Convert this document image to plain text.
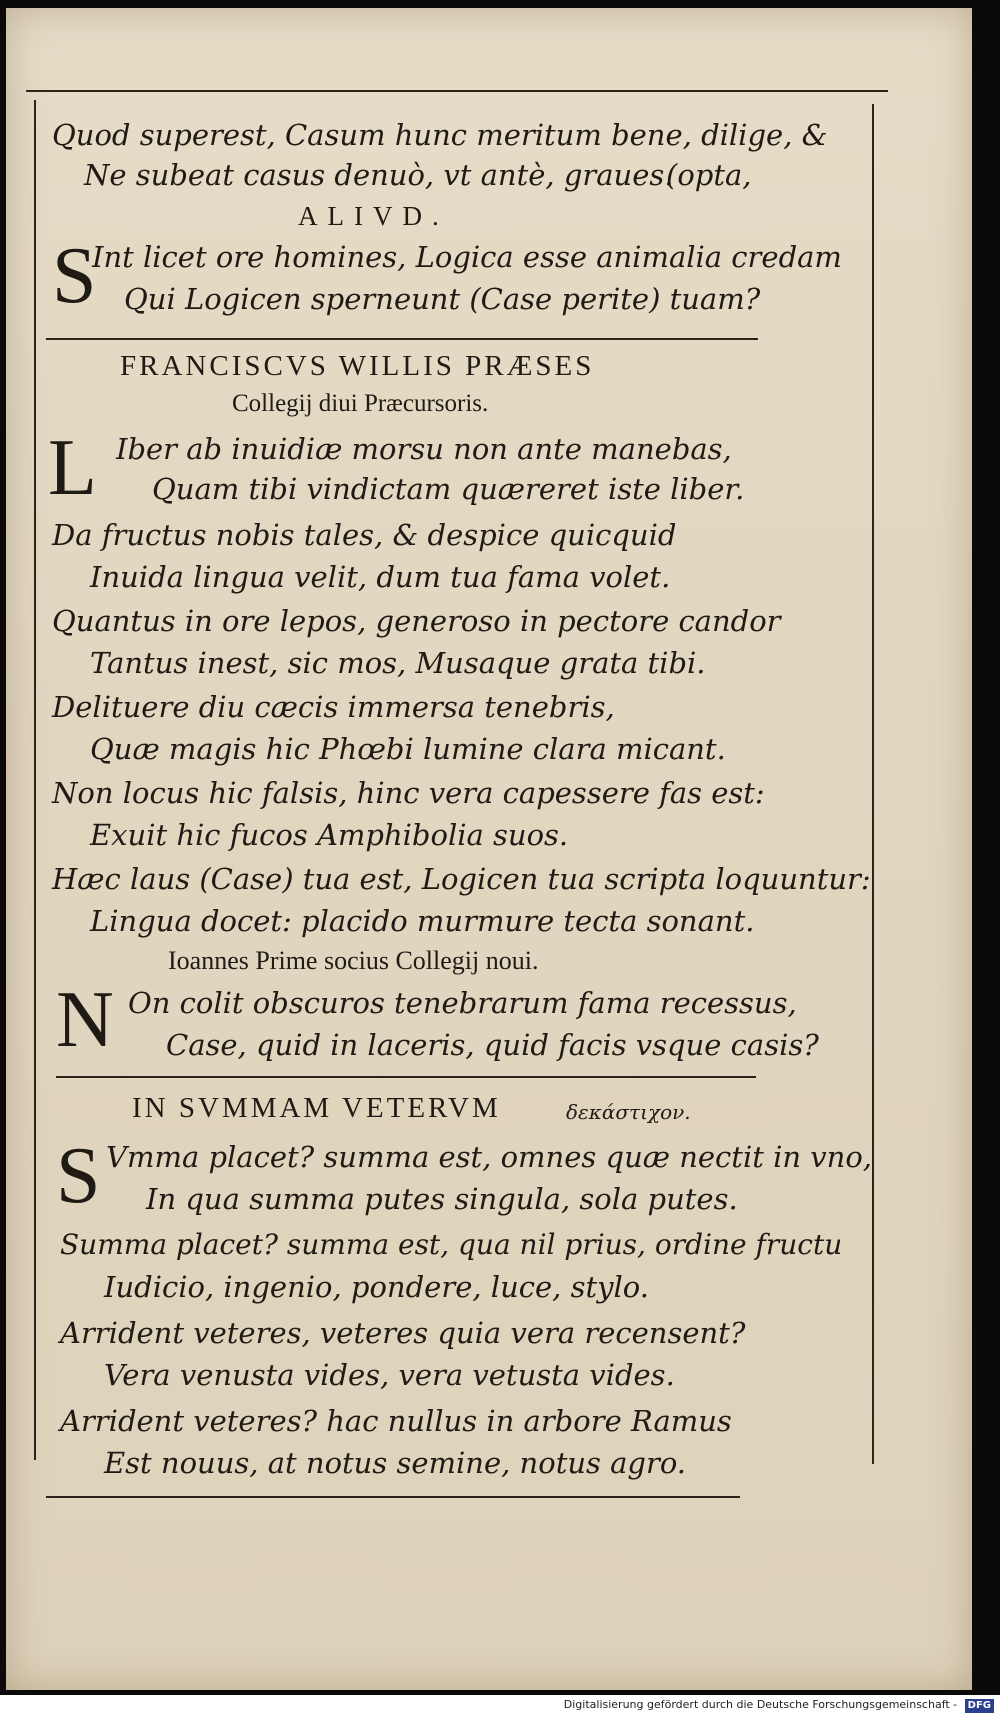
Quod superest, Casum hunc meritum bene, dilige, &
Ne subeat casus denuò, vt antè, graues.
(opta,
ALIVD.
S
Int licet ore homines, Logica esse animalia credam
Qui Logicen sperneunt (Case perite) tuam?
FRANCISCVS WILLIS PRÆSES
Collegij diui Præcursoris.
L Iber ab inuidiæ morsu non ante manebas,
Quam tibi vindictam quæreret iste liber.
Da fructus nobis tales, & despice quicquid
Inuida lingua velit, dum tua fama volet.
Quantus in ore lepos, generoso in pectore candor
Tantus inest, sic mos, Musaque grata tibi.
Delituere diu cæcis immersa tenebris,
Quæ magis hic Phœbi lumine clara micant.
Non locus hic falsis, hinc vera capessere fas est:
Exuit hic fucos Amphibolia suos.
Hæc laus (Case) tua est, Logicen tua scripta loquuntur:
Lingua docet: placido murmure tecta sonant.
Ioannes Prime socius Collegij noui.
N On colit obscuros tenebrarum fama recessus,
Case, quid in laceris, quid facis vsque casis?
IN SVMMAM VETERVM	δεκάστιχον.
S Vmma placet? summa est, omnes quæ nectit in vno,
In qua summa putes singula, sola putes.
Summa placet? summa est, qua nil prius, ordine fructu
Iudicio, ingenio, pondere, luce, stylo.
Arrident veteres, veteres quia vera recensent?
Vera venusta vides, vera vetusta vides.
Arrident veteres? hac nullus in arbore Ramus
Est nouus, at notus semine, notus agro.
Digitalisierung gefördert durch die Deutsche Forschungsgemeinschaft - DFG
